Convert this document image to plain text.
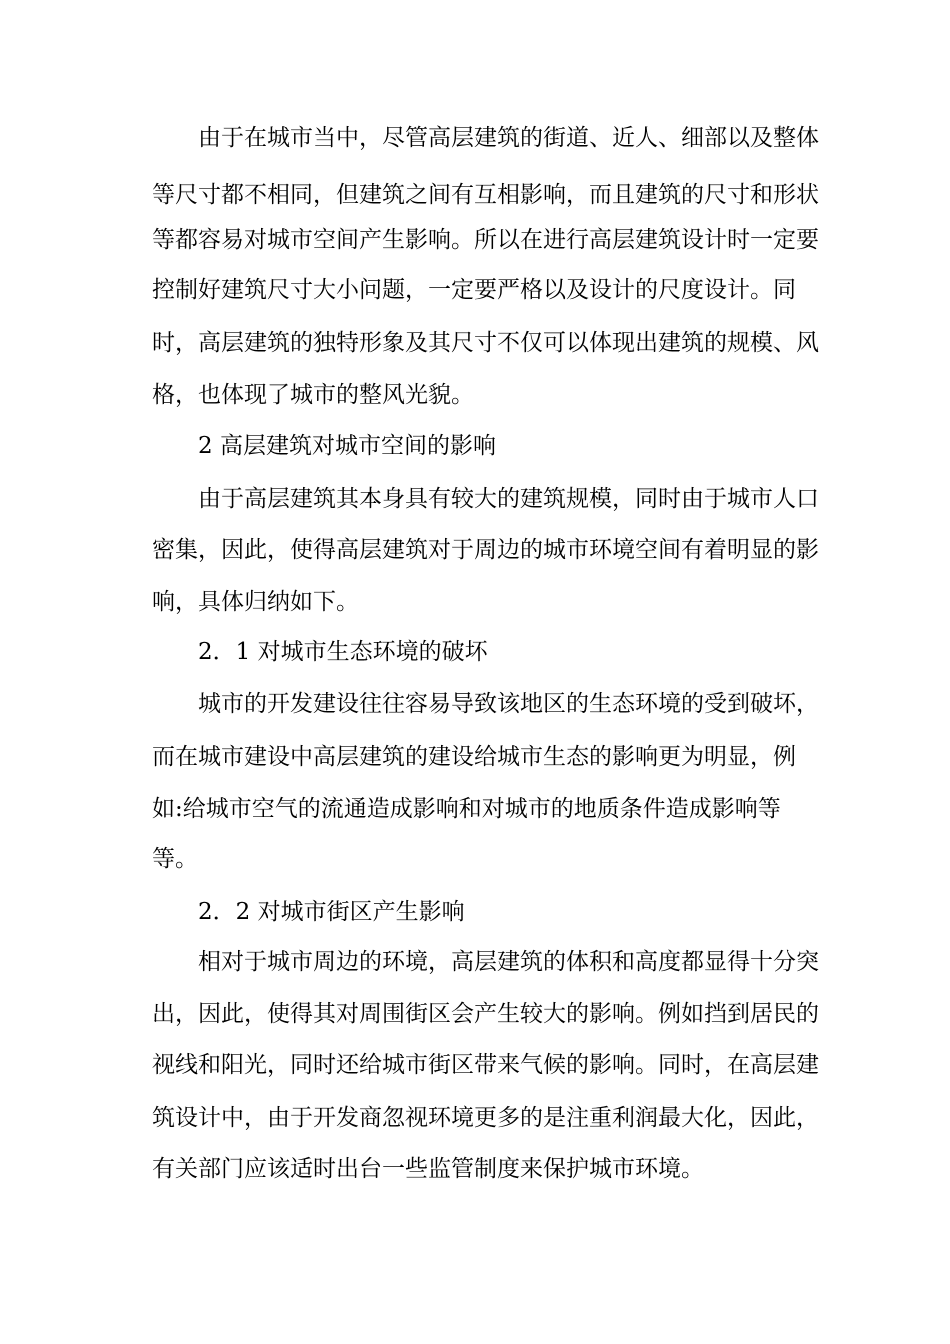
由于在城市当中，尽管高层建筑的街道、近人、细部以及整体
等尺寸都不相同，但建筑之间有互相影响，而且建筑的尺寸和形状
等都容易对城市空间产生影响。所以在进行高层建筑设计时一定要
控制好建筑尺寸大小问题，一定要严格以及设计的尺度设计。同
时，高层建筑的独特形象及其尺寸不仅可以体现出建筑的规模、风
格，也体现了城市的整风光貌。
2 高层建筑对城市空间的影响
由于高层建筑其本身具有较大的建筑规模，同时由于城市人口
密集，因此，使得高层建筑对于周边的城市环境空间有着明显的影
响，具体归纳如下。
2．1 对城市生态环境的破坏
城市的开发建设往往容易导致该地区的生态环境的受到破坏，
而在城市建设中高层建筑的建设给城市生态的影响更为明显，例
如:给城市空气的流通造成影响和对城市的地质条件造成影响等
等。
2．2 对城市街区产生影响
相对于城市周边的环境，高层建筑的体积和高度都显得十分突
出，因此，使得其对周围街区会产生较大的影响。例如挡到居民的
视线和阳光，同时还给城市街区带来气候的影响。同时，在高层建
筑设计中，由于开发商忽视环境更多的是注重利润最大化，因此，
有关部门应该适时出台一些监管制度来保护城市环境。
